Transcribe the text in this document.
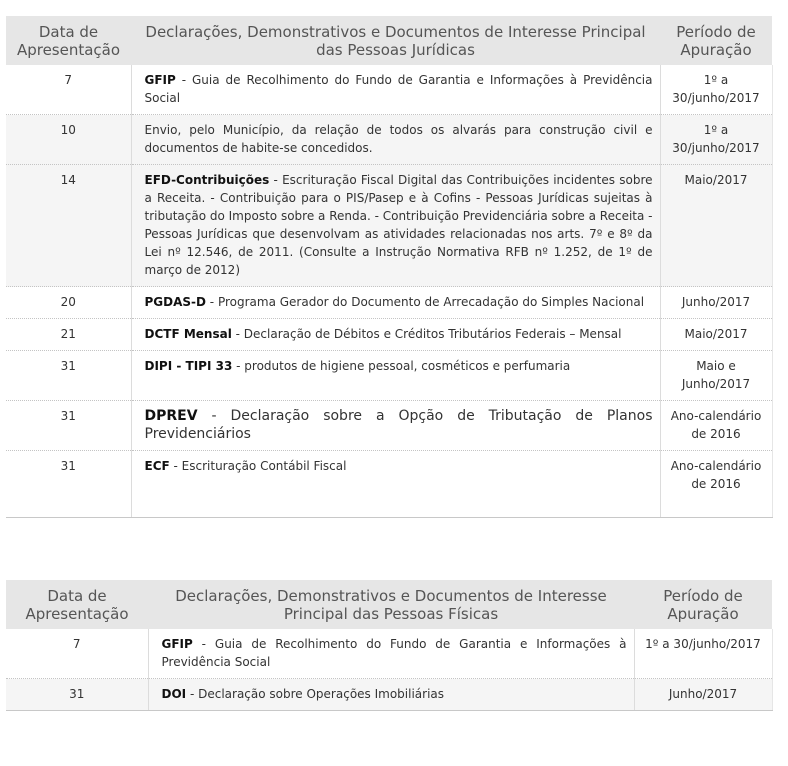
Data de Apresentação	Declarações, Demonstrativos e Documentos de Interesse Principal das Pessoas Jurídicas	Período de Apuração
7	GFIP - Guia de Recolhimento do Fundo de Garantia e Informações à Previdência Social	1º a 30/junho/2017
10	Envio, pelo Município, da relação de todos os alvarás para construção civil e documentos de habite-se concedidos.	1º a 30/junho/2017
14	EFD-Contribuições - Escrituração Fiscal Digital das Contribuições incidentes sobre a Receita. - Contribuição para o PIS/Pasep e à Cofins - Pessoas Jurídicas sujeitas à tributação do Imposto sobre a Renda. - Contribuição Previdenciária sobre a Receita - Pessoas Jurídicas que desenvolvam as atividades relacionadas nos arts. 7º e 8º da Lei nº 12.546, de 2011. (Consulte a Instrução Normativa RFB nº 1.252, de 1º de março de 2012)	Maio/2017
20	PGDAS-D - Programa Gerador do Documento de Arrecadação do Simples Nacional	Junho/2017
21	DCTF Mensal - Declaração de Débitos e Créditos Tributários Federais – Mensal	Maio/2017
31	DIPI - TIPI 33 - produtos de higiene pessoal, cosméticos e perfumaria	Maio e Junho/2017
31	DPREV - Declaração sobre a Opção de Tributação de Planos Previdenciários	Ano-calendário de 2016
31	ECF - Escrituração Contábil Fiscal	Ano-calendário de 2016
Data de Apresentação	Declarações, Demonstrativos e Documentos de Interesse Principal das Pessoas Físicas	Período de Apuração
7	GFIP - Guia de Recolhimento do Fundo de Garantia e Informações à Previdência Social	1º a 30/junho/2017
31	DOI - Declaração sobre Operações Imobiliárias	Junho/2017
